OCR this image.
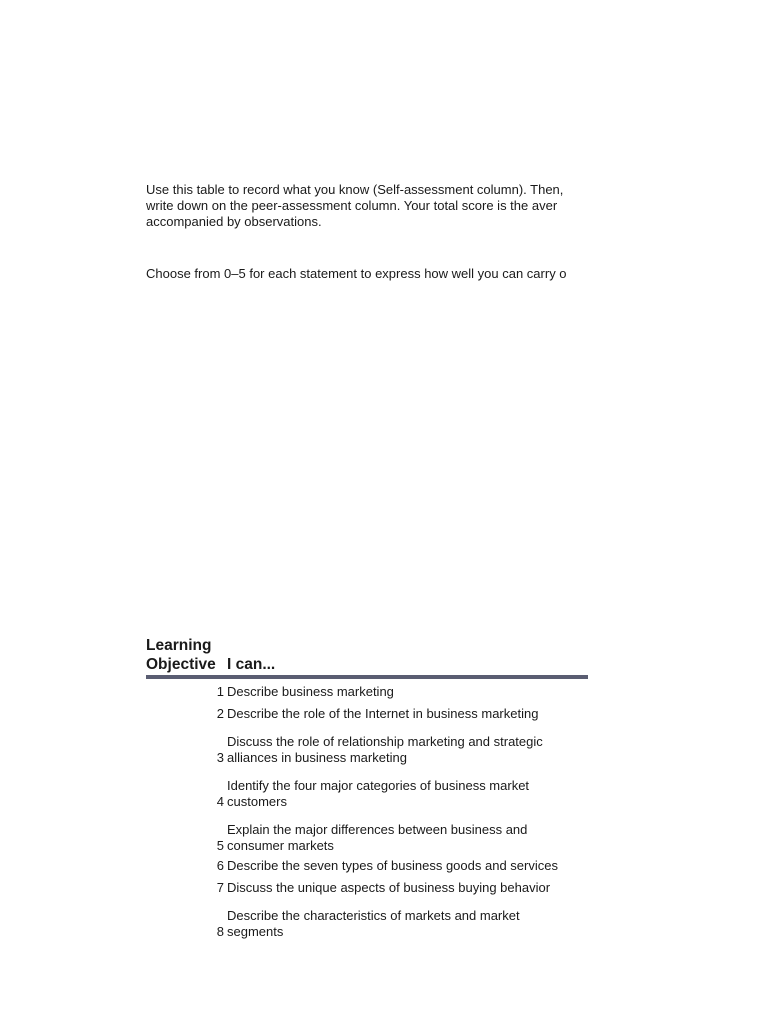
Use this table to record what you know (Self-assessment column). Then,
write down on the peer-assessment column. Your total score is the aver
accompanied by observations.
Choose from 0–5 for each statement to express how well you can carry o
Learning
Objective I can...
1 Describe business marketing
2 Describe the role of the Internet in business marketing
3
Discuss the role of relationship marketing and strategic
alliances in business marketing
4
Identify the four major categories of business market
customers
5
Explain the major differences between business and
consumer markets
6 Describe the seven types of business goods and services
7 Discuss the unique aspects of business buying behavior
8
Describe the characteristics of markets and market
segments
